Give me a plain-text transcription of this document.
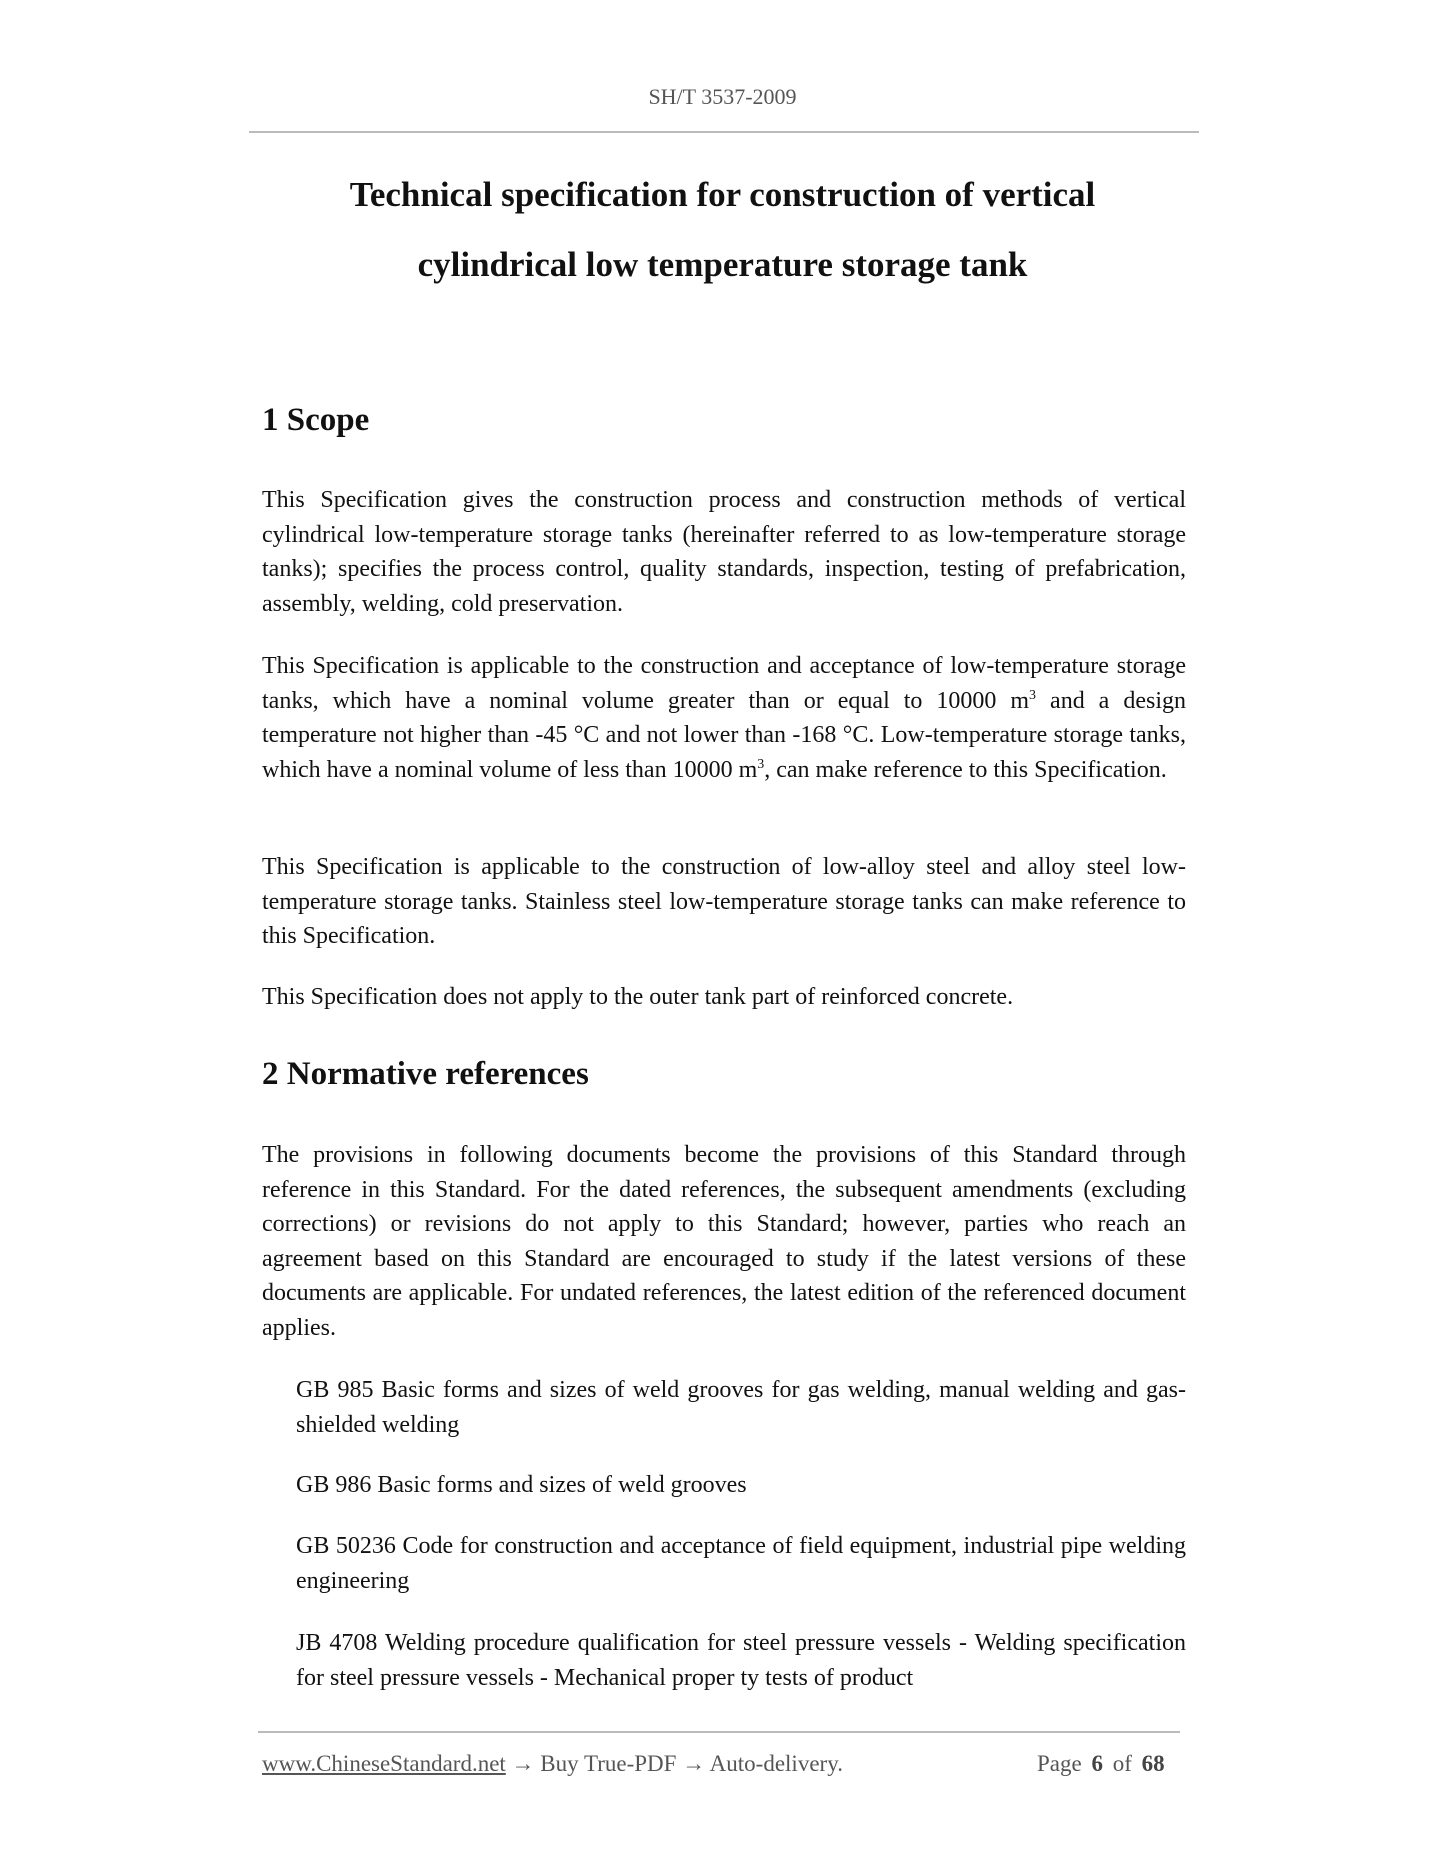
SH/T 3537-2009
Technical specification for construction of vertical
cylindrical low temperature storage tank
1 Scope
This Specification gives the construction process and construction methods of vertical cylindrical low-temperature storage tanks (hereinafter referred to as low-temperature storage tanks); specifies the process control, quality standards, inspection, testing of prefabrication, assembly, welding, cold preservation.
This Specification is applicable to the construction and acceptance of low-temperature storage tanks, which have a nominal volume greater than or equal to 10000 $m^3$ and a design temperature not higher than -45 °C and not lower than -168 °C. Low-temperature storage tanks, which have a nominal volume of less than 10000 $m^3$, can make reference to this Specification.
This Specification is applicable to the construction of low-alloy steel and alloy steel low-temperature storage tanks. Stainless steel low-temperature storage tanks can make reference to this Specification.
This Specification does not apply to the outer tank part of reinforced concrete.
2 Normative references
The provisions in following documents become the provisions of this Standard through reference in this Standard. For the dated references, the subsequent amendments (excluding corrections) or revisions do not apply to this Standard; however, parties who reach an agreement based on this Standard are encouraged to study if the latest versions of these documents are applicable. For undated references, the latest edition of the referenced document applies.
GB 985 Basic forms and sizes of weld grooves for gas welding, manual welding and gas-shielded welding
GB 986 Basic forms and sizes of weld grooves
GB 50236 Code for construction and acceptance of field equipment, industrial pipe welding engineering
JB 4708 Welding procedure qualification for steel pressure vessels - Welding specification for steel pressure vessels - Mechanical proper ty tests of product
www.ChineseStandard.net → Buy True-PDF → Auto-delivery.	Page 6 of 68
